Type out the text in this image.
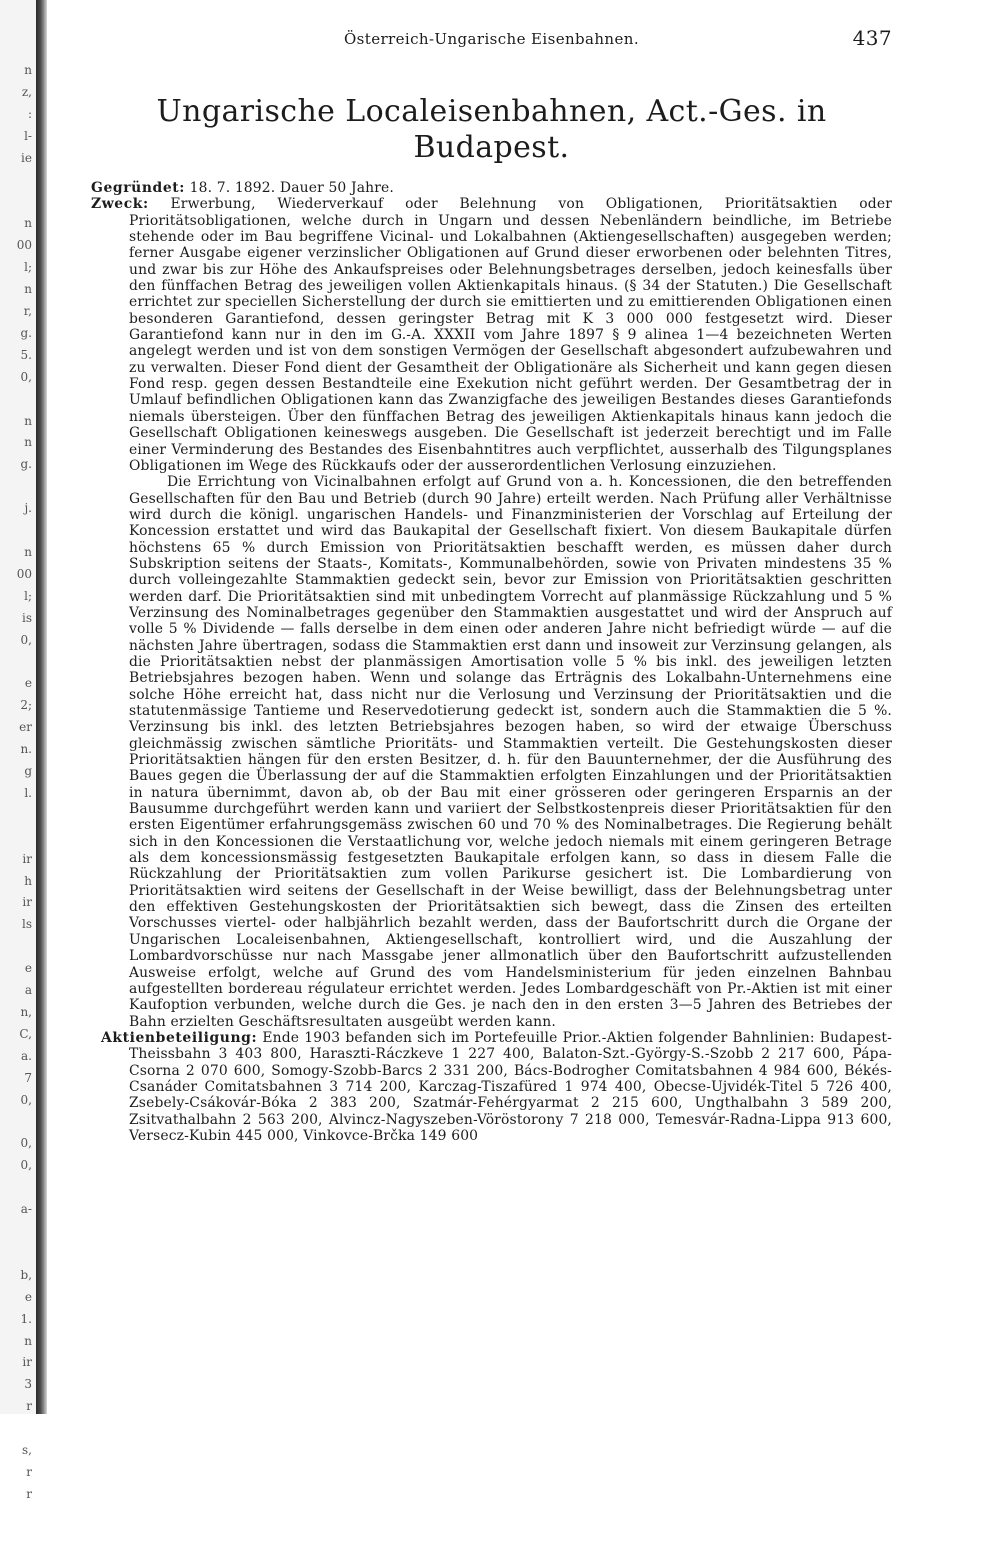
n
z,
:
l-
ie

n
00
l;
n
r,
g.
5.
0,

n
n
g.

j.

n
00
l;
is
0,

e
2;
er
n.
g
l.

ir
h
ir
ls

e
a
n,
C,
a.
7
0,

0,
0,

a-

b,
e
1.
n
ir
3
r

s,
r
r

Österreich-Ungarische Eisenbahnen.	437
Ungarische Localeisenbahnen, Act.-Ges. in Budapest.

Gegründet: 18. 7. 1892. Dauer 50 Jahre.

Zweck: Erwerbung, Wiederverkauf oder Belehnung von Obligationen, Prioritätsaktien oder Prioritätsobligationen, welche durch in Ungarn und dessen Nebenländern beindliche, im Betriebe stehende oder im Bau begriffene Vicinal- und Lokalbahnen (Aktiengesellschaften) ausgegeben werden; ferner Ausgabe eigener verzinslicher Obligationen auf Grund dieser erworbenen oder belehnten Titres, und zwar bis zur Höhe des Ankaufspreises oder Belehnungsbetrages derselben, jedoch keinesfalls über den fünffachen Betrag des jeweiligen vollen Aktienkapitals hinaus. (§ 34 der Statuten.) Die Gesellschaft errichtet zur speciellen Sicherstellung der durch sie emittierten und zu emittierenden Obligationen einen besonderen Garantiefond, dessen geringster Betrag mit K 3 000 000 festgesetzt wird. Dieser Garantiefond kann nur in den im G.-A. XXXII vom Jahre 1897 § 9 alinea 1—4 bezeichneten Werten angelegt werden und ist von dem sonstigen Vermögen der Gesellschaft abgesondert aufzubewahren und zu verwalten. Dieser Fond dient der Gesamtheit der Obligationäre als Sicherheit und kann gegen diesen Fond resp. gegen dessen Bestandteile eine Exekution nicht geführt werden. Der Gesamtbetrag der in Umlauf befindlichen Obligationen kann das Zwanzigfache des jeweiligen Bestandes dieses Garantiefonds niemals übersteigen. Über den fünffachen Betrag des jeweiligen Aktienkapitals hinaus kann jedoch die Gesellschaft Obligationen keineswegs ausgeben. Die Gesellschaft ist jederzeit berechtigt und im Falle einer Verminderung des Bestandes des Eisenbahntitres auch verpflichtet, ausserhalb des Tilgungsplanes Obligationen im Wege des Rückkaufs oder der ausserordentlichen Verlosung einzuziehen.

Die Errichtung von Vicinalbahnen erfolgt auf Grund von a. h. Koncessionen, die den betreffenden Gesellschaften für den Bau und Betrieb (durch 90 Jahre) erteilt werden. Nach Prüfung aller Verhältnisse wird durch die königl. ungarischen Handels- und Finanzministerien der Vorschlag auf Erteilung der Koncession erstattet und wird das Baukapital der Gesellschaft fixiert. Von diesem Baukapitale dürfen höchstens 65 % durch Emission von Prioritätsaktien beschafft werden, es müssen daher durch Subskription seitens der Staats-, Komitats-, Kommunalbehörden, sowie von Privaten mindestens 35 % durch volleingezahlte Stammaktien gedeckt sein, bevor zur Emission von Prioritätsaktien geschritten werden darf. Die Prioritätsaktien sind mit unbedingtem Vorrecht auf planmässige Rückzahlung und 5 % Verzinsung des Nominalbetrages gegenüber den Stammaktien ausgestattet und wird der Anspruch auf volle 5 % Dividende — falls derselbe in dem einen oder anderen Jahre nicht befriedigt würde — auf die nächsten Jahre übertragen, sodass die Stammaktien erst dann und insoweit zur Verzinsung gelangen, als die Prioritätsaktien nebst der planmässigen Amortisation volle 5 % bis inkl. des jeweiligen letzten Betriebsjahres bezogen haben. Wenn und solange das Erträgnis des Lokalbahn-Unternehmens eine solche Höhe erreicht hat, dass nicht nur die Verlosung und Verzinsung der Prioritätsaktien und die statutenmässige Tantieme und Reservedotierung gedeckt ist, sondern auch die Stammaktien die 5 %. Verzinsung bis inkl. des letzten Betriebsjahres bezogen haben, so wird der etwaige Überschuss gleichmässig zwischen sämtliche Prioritäts- und Stammaktien verteilt. Die Gestehungskosten dieser Prioritätsaktien hängen für den ersten Besitzer, d. h. für den Bauunternehmer, der die Ausführung des Baues gegen die Überlassung der auf die Stammaktien erfolgten Einzahlungen und der Prioritätsaktien in natura übernimmt, davon ab, ob der Bau mit einer grösseren oder geringeren Ersparnis an der Bausumme durchgeführt werden kann und variiert der Selbstkostenpreis dieser Prioritätsaktien für den ersten Eigentümer erfahrungsgemäss zwischen 60 und 70 % des Nominalbetrages. Die Regierung behält sich in den Koncessionen die Verstaatlichung vor, welche jedoch niemals mit einem geringeren Betrage als dem koncessionsmässig festgesetzten Baukapitale erfolgen kann, so dass in diesem Falle die Rückzahlung der Prioritätsaktien zum vollen Parikurse gesichert ist. Die Lombardierung von Prioritätsaktien wird seitens der Gesellschaft in der Weise bewilligt, dass der Belehnungsbetrag unter den effektiven Gestehungskosten der Prioritätsaktien sich bewegt, dass die Zinsen des erteilten Vorschusses viertel- oder halbjährlich bezahlt werden, dass der Baufortschritt durch die Organe der Ungarischen Localeisenbahnen, Aktiengesellschaft, kontrolliert wird, und die Auszahlung der Lombardvorschüsse nur nach Massgabe jener allmonatlich über den Baufortschritt aufzustellenden Ausweise erfolgt, welche auf Grund des vom Handelsministerium für jeden einzelnen Bahnbau aufgestellten bordereau régulateur errichtet werden. Jedes Lombardgeschäft von Pr.-Aktien ist mit einer Kaufoption verbunden, welche durch die Ges. je nach den in den ersten 3—5 Jahren des Betriebes der Bahn erzielten Geschäftsresultaten ausgeübt werden kann.

Aktienbeteiligung: Ende 1903 befanden sich im Portefeuille Prior.-Aktien folgender Bahnlinien: Budapest-Theissbahn 3 403 800, Haraszti-Ráczkeve 1 227 400, Balaton-Szt.-György-S.-Szobb 2 217 600, Pápa-Csorna 2 070 600, Somogy-Szobb-Barcs 2 331 200, Bács-Bodrogher Comitatsbahnen 4 984 600, Békés-Csanáder Comitatsbahnen 3 714 200, Karczag-Tiszafüred 1 974 400, Obecse-Ujvidék-Titel 5 726 400, Zsebely-Csákovár-Bóka 2 383 200, Szatmár-Fehérgyarmat 2 215 600, Ungthalbahn 3 589 200, Zsitvathalbahn 2 563 200, Alvincz-Nagyszeben-Vöröstorony 7 218 000, Temesvár-Radna-Lippa 913 600, Versecz-Kubin 445 000, Vinkovce-Brčka 149 600
